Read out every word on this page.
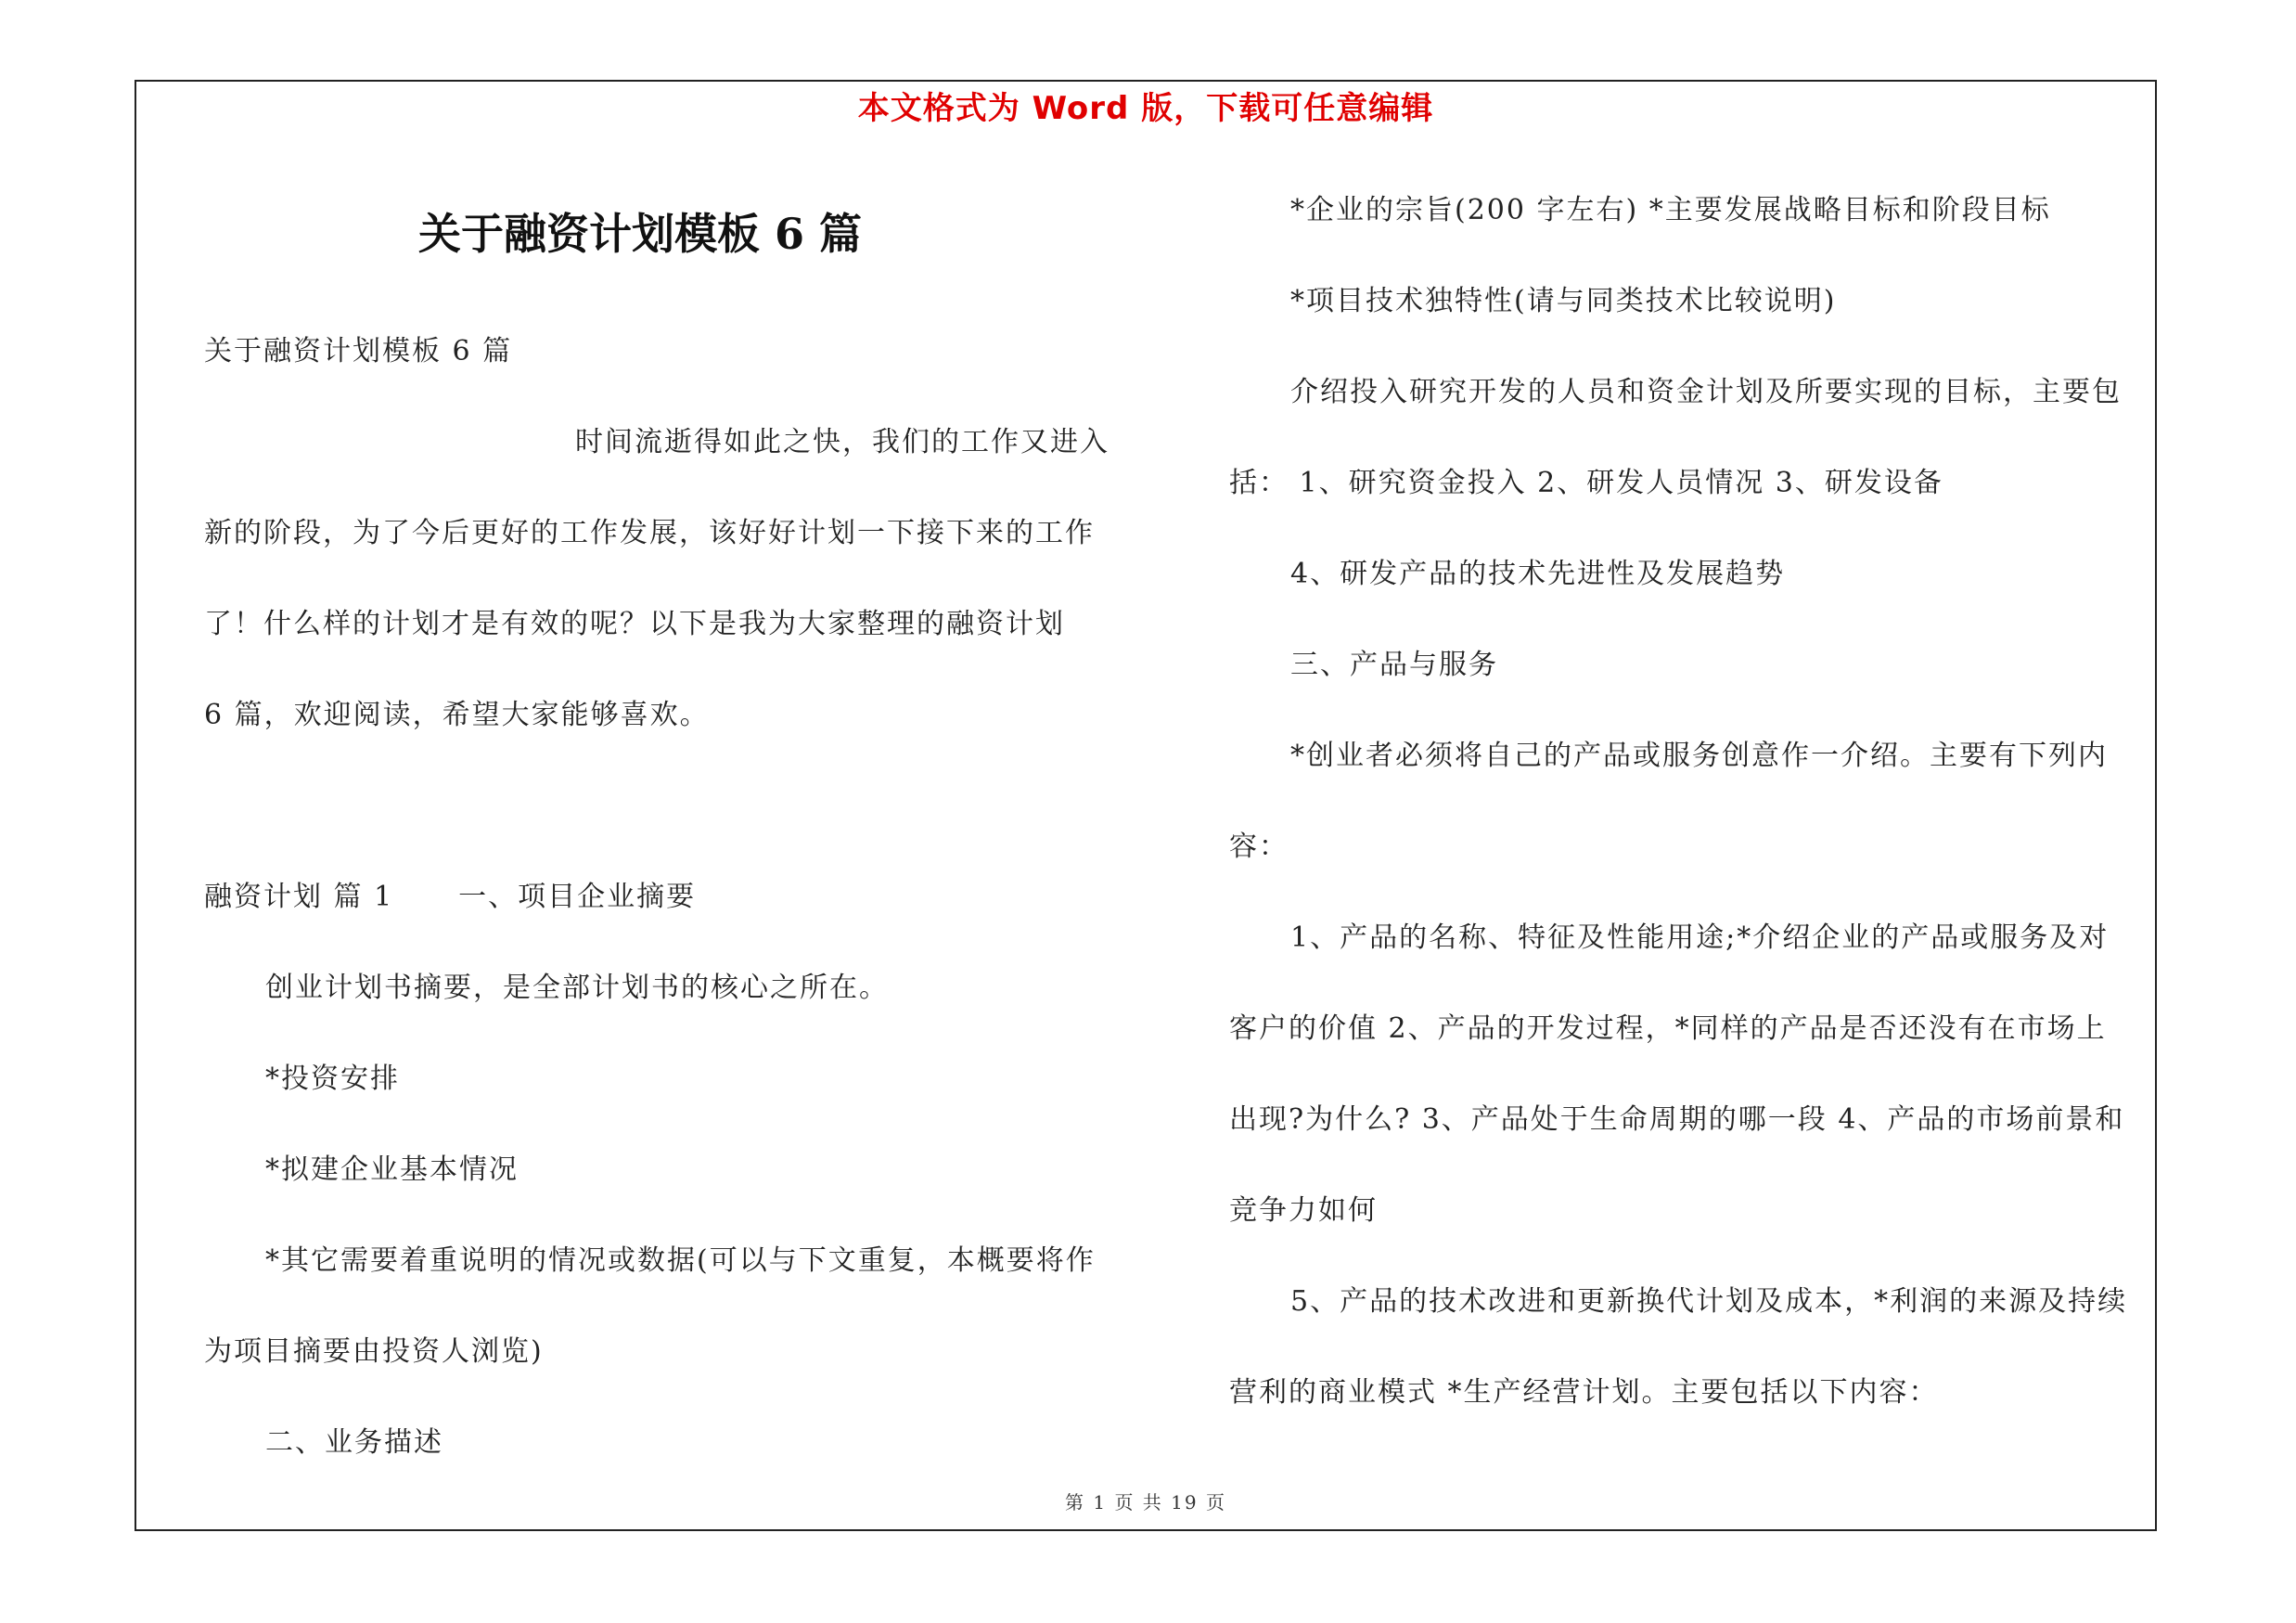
本文格式为 Word 版，下载可任意编辑
关于融资计划模板 6 篇
关于融资计划模板 6 篇
时间流逝得如此之快，我们的工作又进入
新的阶段，为了今后更好的工作发展，该好好计划一下接下来的工作
了！什么样的计划才是有效的呢？以下是我为大家整理的融资计划
6 篇，欢迎阅读，希望大家能够喜欢。
融资计划 篇 1 一、项目企业摘要
创业计划书摘要，是全部计划书的核心之所在。
*投资安排
*拟建企业基本情况
*其它需要着重说明的情况或数据(可以与下文重复，本概要将作
为项目摘要由投资人浏览)
二、业务描述
*企业的宗旨(200 字左右) *主要发展战略目标和阶段目标
*项目技术独特性(请与同类技术比较说明)
介绍投入研究开发的人员和资金计划及所要实现的目标，主要包
括： 1、研究资金投入 2、研发人员情况 3、研发设备
4、研发产品的技术先进性及发展趋势
三、产品与服务
*创业者必须将自己的产品或服务创意作一介绍。主要有下列内
容：
1、产品的名称、特征及性能用途;*介绍企业的产品或服务及对
客户的价值 2、产品的开发过程，*同样的产品是否还没有在市场上
出现?为什么? 3、产品处于生命周期的哪一段 4、产品的市场前景和
竞争力如何
5、产品的技术改进和更新换代计划及成本，*利润的来源及持续
营利的商业模式 *生产经营计划。主要包括以下内容：
第 1 页 共 19 页
